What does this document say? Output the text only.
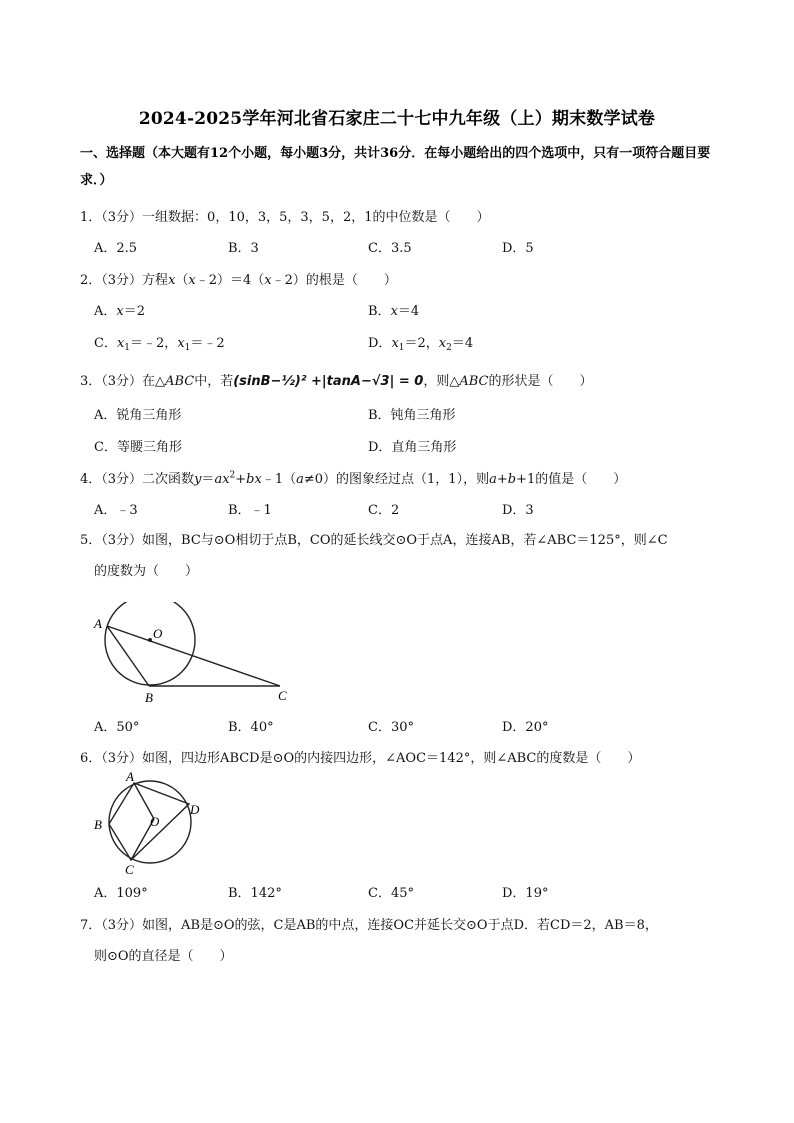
2024-2025学年河北省石家庄二十七中九年级（上）期末数学试卷
一、选择题（本大题有12个小题，每小题3分，共计36分．在每小题给出的四个选项中，只有一项符合题目要求．）
1．（3分）一组数据：0，10，3，5，3，5，2，1的中位数是（　　）
A．2.5	B．3	C．3.5	D．5
2．（3分）方程x（x﹣2）＝4（x﹣2）的根是（　　）
A．x＝2	B．x＝4
C．$x_1=﹣2$，$x_1=﹣2$	D．$x_1=2$，$x_2=4$
3．（3分）在△ABC中，若(sinB−½)² +|tanA−√3| = 0，则△ABC的形状是（　　）
A．锐角三角形	B．钝角三角形
C．等腰三角形	D．直角三角形
4．（3分）二次函数$y=ax^2+bx﹣1(a\ne 0)$的图象经过点（1，1），则a+b+1的值是（　　）
A．﹣3	B．﹣1	C．2	D．3
5．（3分）如图，BC与⊙O相切于点B，CO的延长线交⊙O于点A，连接AB，若∠ABC＝125°，则∠C
的度数为（　　）
A
O
B	C
A．50°	B．40°	C．30°	D．20°
6．（3分）如图，四边形ABCD是⊙O的内接四边形，∠AOC＝142°，则∠ABC的度数是（　　）
A
B	O
D
C
A．109°	B．142°	C．45°	D．19°
7．（3分）如图，AB是⊙O的弦，C是AB的中点，连接OC并延长交⊙O于点D．若CD＝2，AB＝8，
则⊙O的直径是（　　）
